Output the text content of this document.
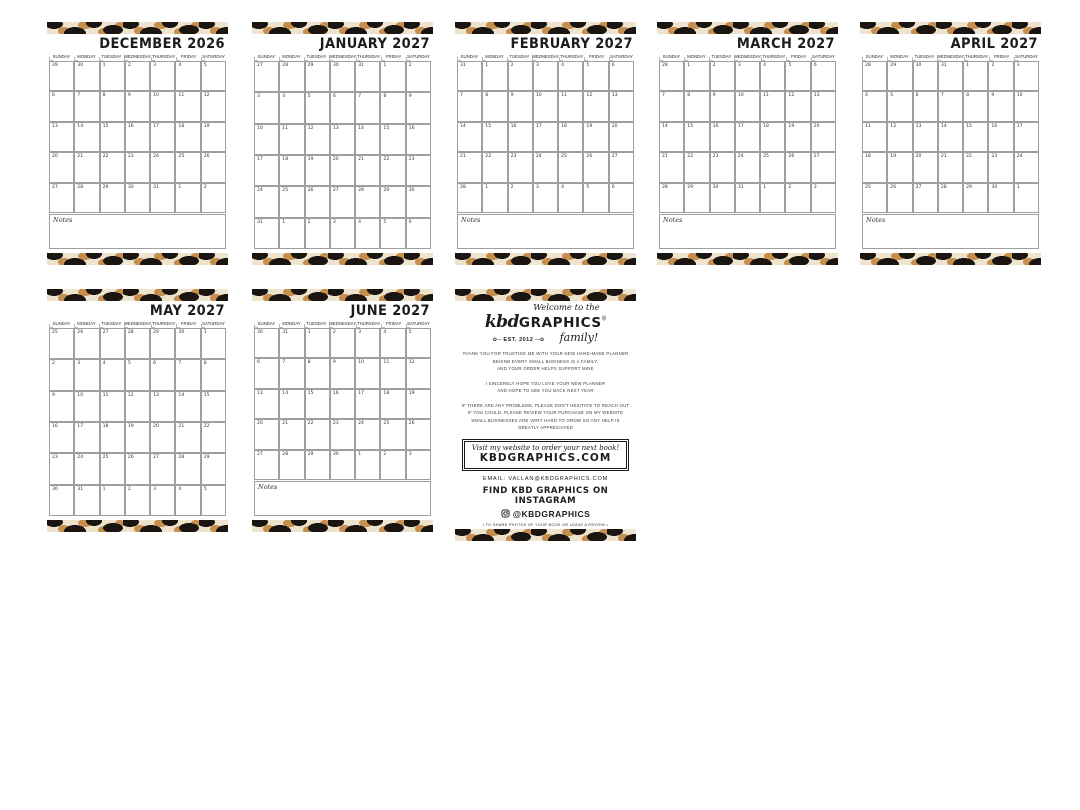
DECEMBER 2026
SUNDAY	MONDAY	TUESDAY WEDNESDAY THURSDAY	FRIDAY	SATURDAY
29	30	1	2	3	4	5
6	7	8	9	10	11	12
13	14	15	16	17	18	19
20	21	22	23	24	25	26
27	28	29	30	31	1	2
Notes
JANUARY 2027
SUNDAY	MONDAY	TUESDAY WEDNESDAY THURSDAY	FRIDAY	SATURDAY
27	28	29	30	31	1	2
3	4	5	6	7	8	9
10	11	12	13	14	15	16
17	18	19	20	21	22	23
24	25	26	27	28	29	30
31	1	2	3	4	5	6
FEBRUARY 2027
SUNDAY	MONDAY	TUESDAY WEDNESDAY THURSDAY	FRIDAY	SATURDAY
31	1	2	3	4	5	6
7	8	9	10	11	12	13
14	15	16	17	18	19	20
21	22	23	24	25	26	27
28	1	2	3	4	5	6
Notes
MARCH 2027
SUNDAY	MONDAY	TUESDAY WEDNESDAY THURSDAY	FRIDAY	SATURDAY
28	1	2	3	4	5	6
7	8	9	10	11	12	13
14	15	16	17	18	19	20
21	22	23	24	25	26	27
28	29	30	31	1	2	3
Notes
APRIL 2027
SUNDAY	MONDAY	TUESDAY WEDNESDAY THURSDAY	FRIDAY	SATURDAY
28	29	30	31	1	2	3
4	5	6	7	8	9	10
11	12	13	14	15	16	17
18	19	20	21	22	23	24
25	26	27	28	29	30	1
Notes
MAY 2027
SUNDAY	MONDAY	TUESDAY WEDNESDAY THURSDAY	FRIDAY	SATURDAY
25	26	27	28	29	30	1
2	3	4	5	6	7	8
9	10	11	12	13	14	15
16	17	18	19	20	21	22
23	24	25	26	27	28	29
30	31	1	2	3	4	5
JUNE 2027
SUNDAY	MONDAY	TUESDAY WEDNESDAY THURSDAY	FRIDAY	SATURDAY
30	31	1	2	3	4	5
6	7	8	9	10	11	12
13	14	15	16	17	18	19
20	21	22	23	24	25	26
27	28	29	30	1	2	3
Notes
Welcome to the
kbdGRAPHICS®
✿— EST. 2012 —✿ family!
THANK YOU FOR TRUSTING ME WITH YOUR NEW HAND-MADE PLANNER
BEHIND EVERY SMALL BUSINESS IS A FAMILY,
AND YOUR ORDER HELPS SUPPORT MINE
I SINCERELY HOPE YOU LOVE YOUR NEW PLANNER
AND HOPE TO SEE YOU BACK NEXT YEAR
IF THERE ARE ANY PROBLEMS, PLEASE DON'T HESITATE TO REACH OUT
IF YOU COULD, PLEASE REVIEW YOUR PURCHASE ON MY WEBSITE
SMALL BUSINESSES ARE VERY HARD TO GROW SO ANY HELP IS GREATLY APPRECIATED
Visit my website to order your next book!
KBDGRAPHICS.COM
EMAIL: VALLAN@KBDGRAPHICS.COM
FIND KBD GRAPHICS ON INSTAGRAM
@KBDGRAPHICS
• TO SHARE PHOTOS OF YOUR BOOK OR LEAVE A REVIEW •
